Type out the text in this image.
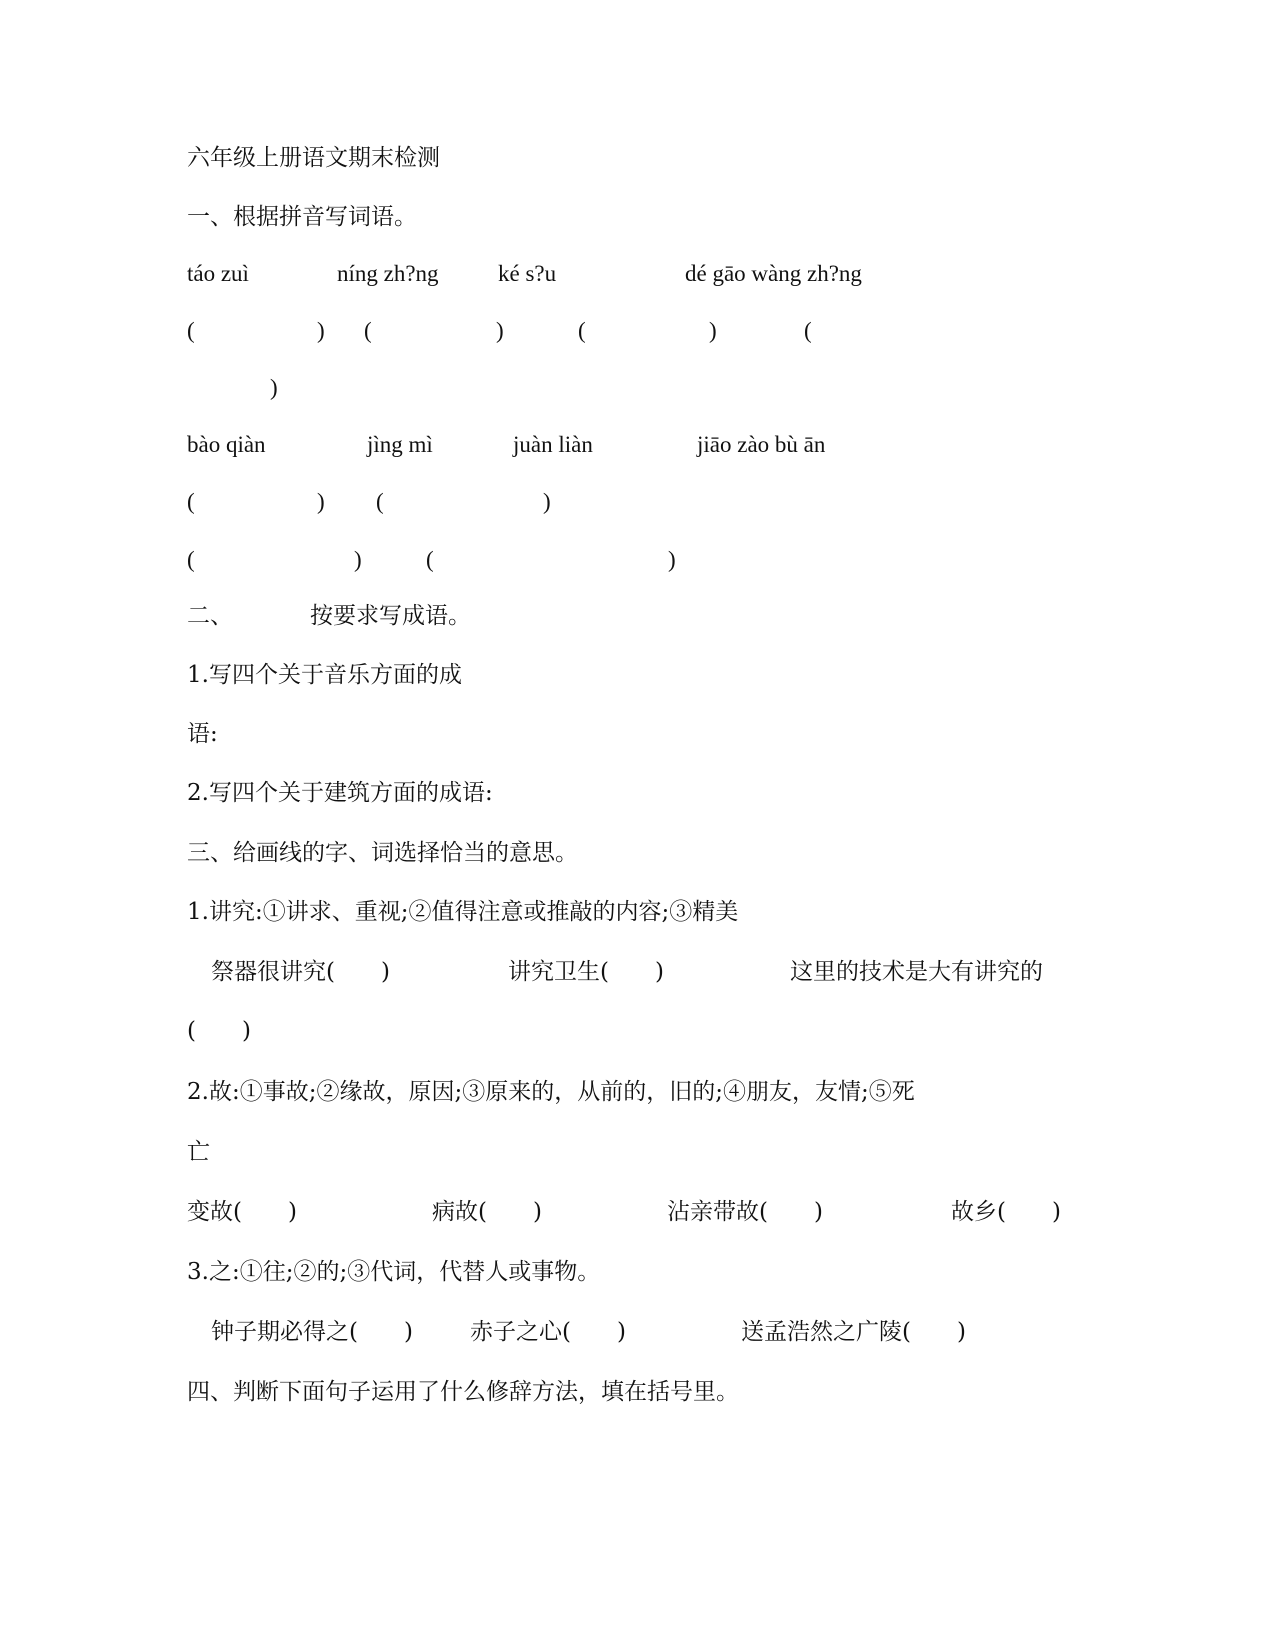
六年级上册语文期末检测
一、根据拼音写词语。
táo zuì	níng zh?ng	ké s?u	dé gāo wàng zh?ng
(	) (	)	(	)	(
)
bào qiàn	jìng mì	juàn liàn	jiāo zào bù ān
(	) (	)
(	)	(	)
二、	按要求写成语。
1.写四个关于音乐方面的成
语:
2.写四个关于建筑方面的成语:
三、给画线的字、词选择恰当的意思。
1.讲究:①讲求、重视;②值得注意或推敲的内容;③精美
祭器很讲究(　　)	讲究卫生(　　)	这里的技术是大有讲究的
(　　)
2.故:①事故;②缘故，原因;③原来的，从前的，旧的;④朋友，友情;⑤死
亡
变故(　　)	病故(　　)	沾亲带故(　　)	故乡(　　)
3.之:①往;②的;③代词，代替人或事物。
钟子期必得之(　　) 赤子之心(　　)	送孟浩然之广陵(　　)
四、判断下面句子运用了什么修辞方法，填在括号里。
